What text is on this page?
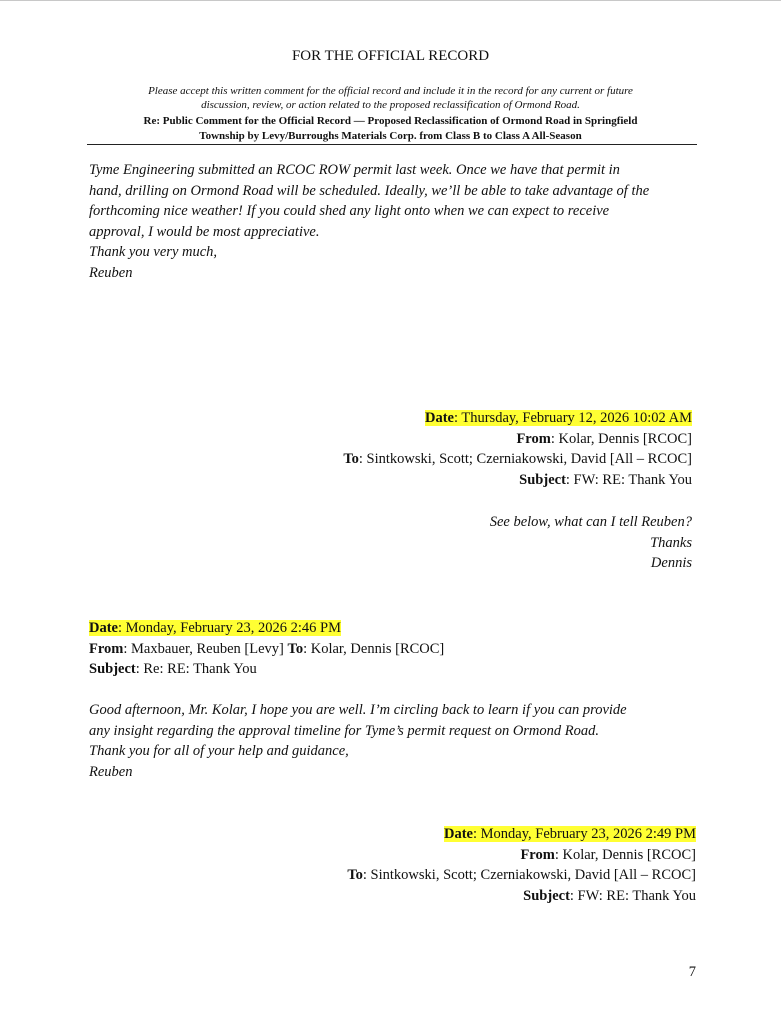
FOR THE OFFICIAL RECORD
Please accept this written comment for the official record and include it in the record for any current or future
discussion, review, or action related to the proposed reclassification of Ormond Road.
Re: Public Comment for the Official Record — Proposed Reclassification of Ormond Road in Springfield
Township by Levy/Burroughs Materials Corp. from Class B to Class A All-Season
Tyme Engineering submitted an RCOC ROW permit last week. Once we have that permit in
hand, drilling on Ormond Road will be scheduled. Ideally, we’ll be able to take advantage of the
forthcoming nice weather! If you could shed any light onto when we can expect to receive
approval, I would be most appreciative.
Thank you very much,
Reuben
Date: Thursday, February 12, 2026 10:02 AM
From: Kolar, Dennis [RCOC]
To: Sintkowski, Scott; Czerniakowski, David [All – RCOC]
Subject: FW: RE: Thank You
See below, what can I tell Reuben?
Thanks
Dennis
Date: Monday, February 23, 2026 2:46 PM
From: Maxbauer, Reuben [Levy] To: Kolar, Dennis [RCOC]
Subject: Re: RE: Thank You
Good afternoon, Mr. Kolar, I hope you are well. I’m circling back to learn if you can provide
any insight regarding the approval timeline for Tyme’s permit request on Ormond Road.
Thank you for all of your help and guidance,
Reuben
Date: Monday, February 23, 2026 2:49 PM
From: Kolar, Dennis [RCOC]
To: Sintkowski, Scott; Czerniakowski, David [All – RCOC]
Subject: FW: RE: Thank You
7
